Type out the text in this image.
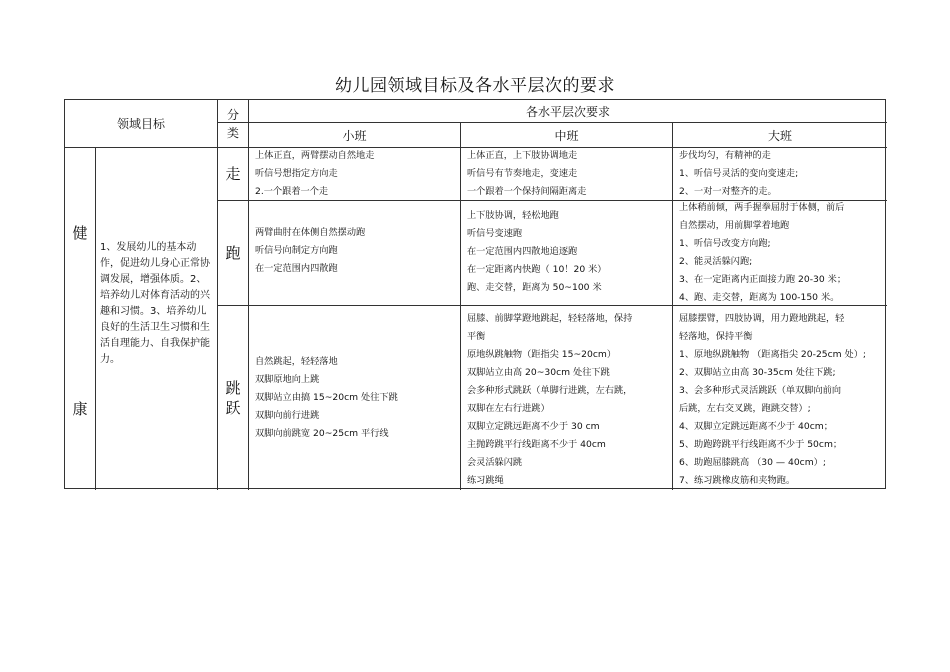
幼儿园领域目标及各水平层次的要求
领域目标
分类
各水平层次要求
小班	中班	大班
健
康
1、发展幼儿的基本动作，促进幼儿身心正常协调发展，增强体质。2、培养幼儿对体育活动的兴趣和习惯。3、培养幼儿良好的生活卫生习惯和生活自理能力、自我保护能力。
走
跑
跳跃
上体正直，两臂摆动自然地走
听信号想指定方向走
2.一个跟着一个走
上体正直，上下肢协调地走
听信号有节奏地走，变速走
一个跟着一个保持间隔距离走
步伐均匀，有精神的走
1、听信号灵活的变向变速走;
2、一对一对整齐的走。
两臂曲肘在体侧自然摆动跑
听信号向制定方向跑
在一定范围内四散跑
上下肢协调，轻松地跑
听信号变速跑
在一定范围内四散地追逐跑
在一定距离内快跑（ 10！20 米）
跑、走交替，距离为 50~100 米
上体稍前倾，两手握拳屈肘于体侧，前后
自然摆动，用前脚掌着地跑
1、听信号改变方向跑;
2、能灵活躲闪跑;
3、在一定距离内正面接力跑 20-30 米；
4、跑、走交替，距离为 100-150 米。
自然跳起，轻轻落地
双脚原地向上跳
双脚站立由搞 15~20cm 处往下跳
双脚向前行进跳
双脚向前跳宽 20~25cm 平行线
屈膝、前脚掌蹬地跳起，轻轻落地，保持
平衡
原地纵跳触物（距指尖 15~20cm）
双脚站立由高 20~30cm 处往下跳
会多种形式跳跃（单脚行进跳，左右跳，
双脚在左右行进跳）
双脚立定跳远距离不少于 30 cm
主抛跨跳平行线距离不少于 40cm
会灵活躲闪跳
练习跳绳
屈膝摆臂，四肢协调，用力蹬地跳起，轻
轻落地，保持平衡
1、原地纵跳触物 （距离指尖 20-25cm 处）;
2、双脚站立由高 30-35cm 处往下跳;
3、会多种形式灵活跳跃（单双脚向前向
后跳，左右交叉跳，跑跳交替）;
4、双脚立定跳远距离不少于 40cm；
5、助跑跨跳平行线距离不少于 50cm；
6、助跑屈膝跳高 （30 — 40cm）;
7、练习跳橡皮筋和夹物跑。
